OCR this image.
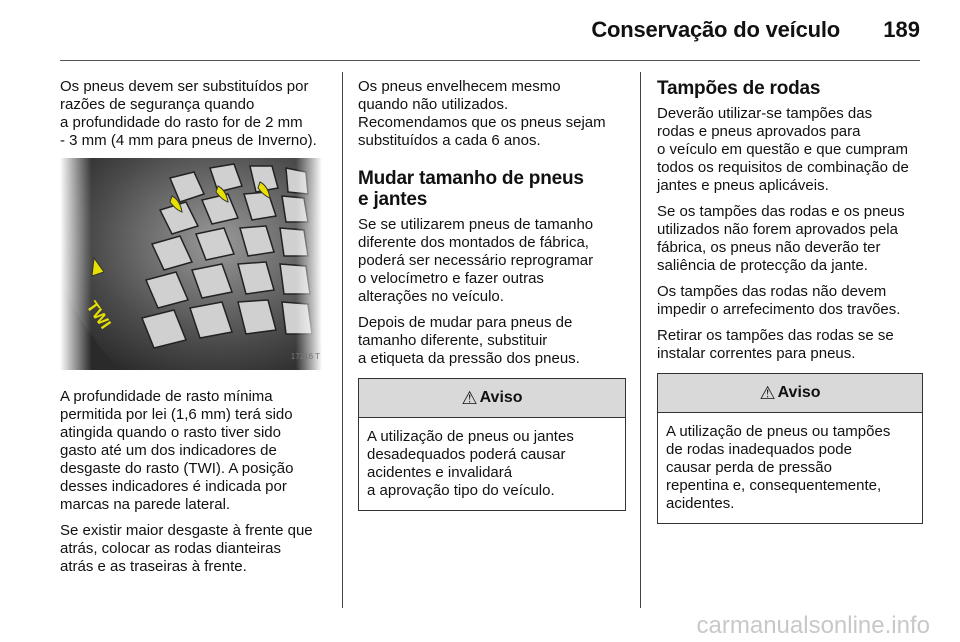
Conservação do veículo 189
Os pneus devem ser substituídos por
razões de segurança quando
a profundidade do rasto for de 2 mm
- 3 mm (4 mm para pneus de Inverno).
17216 T
A profundidade de rasto mínima
permitida por lei (1,6 mm) terá sido
atingida quando o rasto tiver sido
gasto até um dos indicadores de
desgaste do rasto (TWI). A posição
desses indicadores é indicada por
marcas na parede lateral.
Se existir maior desgaste à frente que
atrás, colocar as rodas dianteiras
atrás e as traseiras à frente.
Os pneus envelhecem mesmo
quando não utilizados.
Recomendamos que os pneus sejam
substituídos a cada 6 anos.
Mudar tamanho de pneus
e jantes
Se se utilizarem pneus de tamanho
diferente dos montados de fábrica,
poderá ser necessário reprogramar
o velocímetro e fazer outras
alterações no veículo.
Depois de mudar para pneus de
tamanho diferente, substituir
a etiqueta da pressão dos pneus.
⚠ Aviso
A utilização de pneus ou jantes
desadequados poderá causar
acidentes e invalidará
a aprovação tipo do veículo.
Tampões de rodas
Deverão utilizar-se tampões das
rodas e pneus aprovados para
o veículo em questão e que cumpram
todos os requisitos de combinação de
jantes e pneus aplicáveis.
Se os tampões das rodas e os pneus
utilizados não forem aprovados pela
fábrica, os pneus não deverão ter
saliência de protecção da jante.
Os tampões das rodas não devem
impedir o arrefecimento dos travões.
Retirar os tampões das rodas se se
instalar correntes para pneus.
⚠ Aviso
A utilização de pneus ou tampões
de rodas inadequados pode
causar perda de pressão
repentina e, consequentemente,
acidentes.
carmanualsonline.info
